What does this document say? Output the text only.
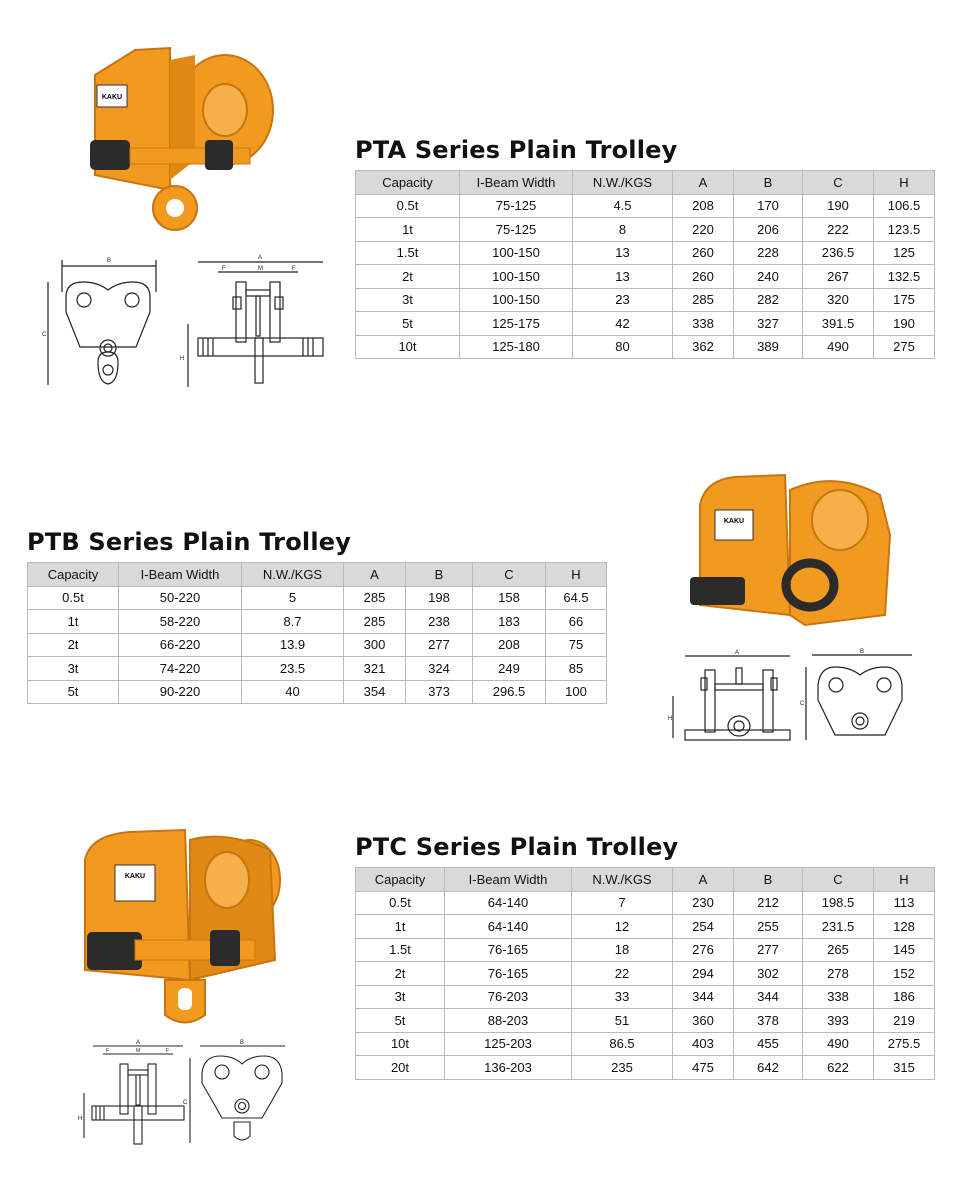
KAKU
B
C
A
F	M	F
H
PTA Series Plain Trolley
Capacity	I-Beam Width	N.W./KGS	A	B	C	H
0.5t	75-125	4.5	208	170	190	106.5
1t	75-125	8	220	206	222	123.5
1.5t	100-150	13	260	228	236.5	125
2t	100-150	13	260	240	267	132.5
3t	100-150	23	285	282	320	175
5t	125-175	42	338	327	391.5	190
10t	125-180	80	362	389	490	275
PTB Series Plain Trolley
Capacity	I-Beam Width	N.W./KGS	A	B	C	H
0.5t	50-220	5	285	198	158	64.5
1t	58-220	8.7	285	238	183	66
2t	66-220	13.9	300	277	208	75
3t	74-220	23.5	321	324	249	85
5t	90-220	40	354	373	296.5	100
KAKU
A
H
B
C
KAKU
A
F	M	F
H
B
C
PTC Series Plain Trolley
Capacity	I-Beam Width	N.W./KGS	A	B	C	H
0.5t	64-140	7	230	212	198.5	113
1t	64-140	12	254	255	231.5	128
1.5t	76-165	18	276	277	265	145
2t	76-165	22	294	302	278	152
3t	76-203	33	344	344	338	186
5t	88-203	51	360	378	393	219
10t	125-203	86.5	403	455	490	275.5
20t	136-203	235	475	642	622	315
